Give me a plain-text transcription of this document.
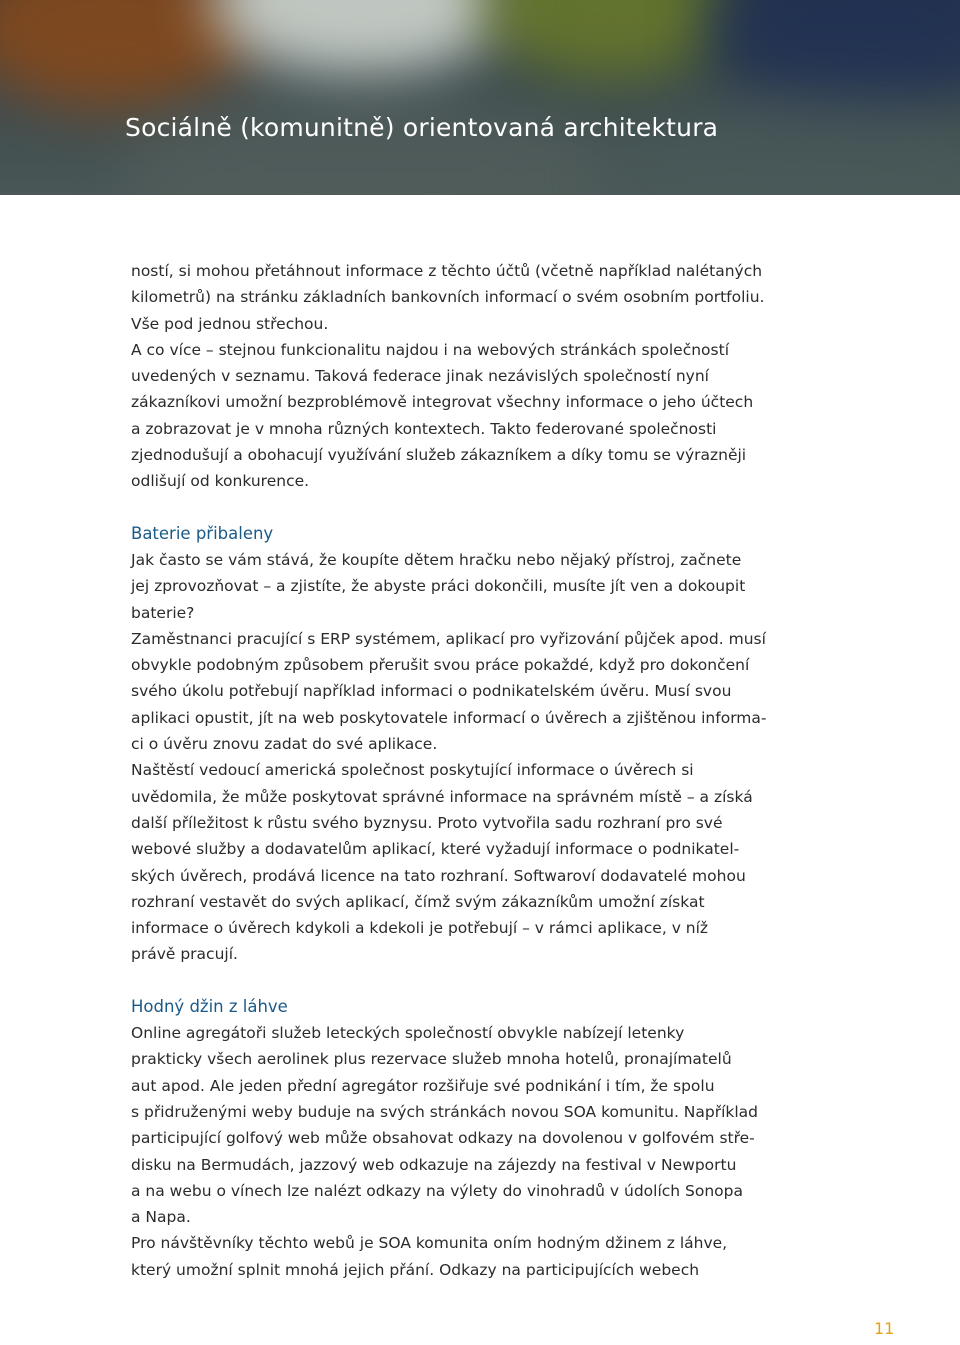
Sociálně (komunitně) orientovaná architektura
ností, si mohou přetáhnout informace z těchto účtů (včetně například nalétaných
kilometrů) na stránku základních bankovních informací o svém osobním portfoliu.
Vše pod jednou střechou.
A co více – stejnou funkcionalitu najdou i na webových stránkách společností
uvedených v seznamu. Taková federace jinak nezávislých společností nyní
zákazníkovi umožní bezproblémově integrovat všechny informace o jeho účtech
a zobrazovat je v mnoha různých kontextech. Takto federované společnosti
zjednodušují a obohacují využívání služeb zákazníkem a díky tomu se výrazněji
odlišují od konkurence.
Baterie přibaleny
Jak často se vám stává, že koupíte dětem hračku nebo nějaký přístroj, začnete
jej zprovozňovat – a zjistíte, že abyste práci dokončili, musíte jít ven a dokoupit
baterie?
Zaměstnanci pracující s ERP systémem, aplikací pro vyřizování půjček apod. musí
obvykle podobným způsobem přerušit svou práce pokaždé, když pro dokončení
svého úkolu potřebují například informaci o podnikatelském úvěru. Musí svou
aplikaci opustit, jít na web poskytovatele informací o úvěrech a zjištěnou informa-
ci o úvěru znovu zadat do své aplikace.
Naštěstí vedoucí americká společnost poskytující informace o úvěrech si
uvědomila, že může poskytovat správné informace na správném místě – a získá
další příležitost k růstu svého byznysu. Proto vytvořila sadu rozhraní pro své
webové služby a dodavatelům aplikací, které vyžadují informace o podnikatel-
ských úvěrech, prodává licence na tato rozhraní. Softwaroví dodavatelé mohou
rozhraní vestavět do svých aplikací, čímž svým zákazníkům umožní získat
informace o úvěrech kdykoli a kdekoli je potřebují – v rámci aplikace, v níž
právě pracují.
Hodný džin z láhve
Online agregátoři služeb leteckých společností obvykle nabízejí letenky
prakticky všech aerolinek plus rezervace služeb mnoha hotelů, pronajímatelů
aut apod. Ale jeden přední agregátor rozšiřuje své podnikání i tím, že spolu
s přidruženými weby buduje na svých stránkách novou SOA komunitu. Například
participující golfový web může obsahovat odkazy na dovolenou v golfovém stře-
disku na Bermudách, jazzový web odkazuje na zájezdy na festival v Newportu
a na webu o vínech lze nalézt odkazy na výlety do vinohradů v údolích Sonopa
a Napa.
Pro návštěvníky těchto webů je SOA komunita oním hodným džinem z láhve,
který umožní splnit mnohá jejich přání. Odkazy na participujících webech
11
